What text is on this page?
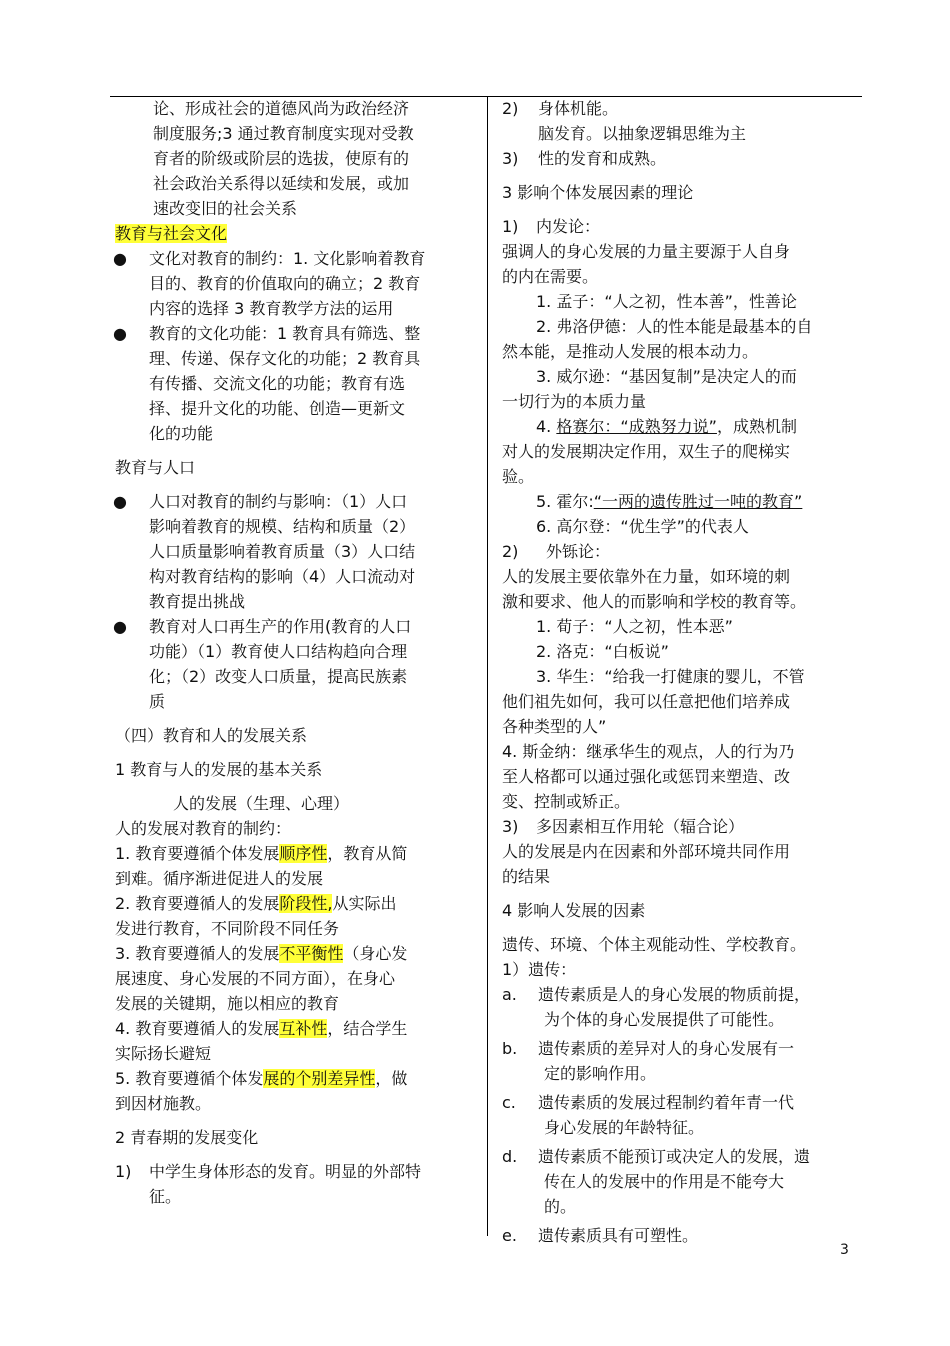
论、形成社会的道德风尚为政治经济
制度服务;3 通过教育制度实现对受教
育者的阶级或阶层的选拔，使原有的
社会政治关系得以延续和发展，或加
速改变旧的社会关系
教育与社会文化
● 文化对教育的制约：1. 文化影响着教育
目的、教育的价值取向的确立；2 教育
内容的选择 3 教育教学方法的运用
● 教育的文化功能：1 教育具有筛选、整
理、传递、保存文化的功能；2 教育具
有传播、交流文化的功能；教育有选
择、提升文化的功能、创造—更新文
化的功能
教育与人口
● 人口对教育的制约与影响：（1）人口
影响着教育的规模、结构和质量（2）
人口质量影响着教育质量（3）人口结
构对教育结构的影响（4）人口流动对
教育提出挑战
● 教育对人口再生产的作用(教育的人口
功能）（1）教育使人口结构趋向合理
化；（2）改变人口质量，提高民族素
质
（四）教育和人的发展关系
1 教育与人的发展的基本关系
人的发展（生理、心理）
人的发展对教育的制约：
1. 教育要遵循个体发展顺序性，教育从简
到难。循序渐进促进人的发展
2. 教育要遵循人的发展阶段性,从实际出
发进行教育，不同阶段不同任务
3. 教育要遵循人的发展不平衡性（身心发
展速度、身心发展的不同方面），在身心
发展的关键期，施以相应的教育
4. 教育要遵循人的发展互补性，结合学生
实际扬长避短
5. 教育要遵循个体发展的个别差异性，做
到因材施教。
2 青春期的发展变化
1) 中学生身体形态的发育。明显的外部特
征。
2) 身体机能。
脑发育。以抽象逻辑思维为主
3) 性的发育和成熟。
3 影响个体发展因素的理论
1) 内发论：
强调人的身心发展的力量主要源于人自身
的内在需要。
1. 孟子：“人之初，性本善”，性善论
2. 弗洛伊德：人的性本能是最基本的自
然本能，是推动人发展的根本动力。
3. 威尔逊：“基因复制”是决定人的而
一切行为的本质力量
4. 格赛尔：“成熟努力说”，成熟机制
对人的发展期决定作用，双生子的爬梯实
验。
5. 霍尔:“一两的遗传胜过一吨的教育”
6. 高尔登：“优生学”的代表人
2) 外铄论：
人的发展主要依靠外在力量，如环境的刺
激和要求、他人的而影响和学校的教育等。
1. 荀子：“人之初，性本恶”
2. 洛克：“白板说”
3. 华生：“给我一打健康的婴儿，不管
他们祖先如何，我可以任意把他们培养成
各种类型的人”
4. 斯金纳：继承华生的观点，人的行为乃
至人格都可以通过强化或惩罚来塑造、改
变、控制或矫正。
3) 多因素相互作用轮（辐合论）
人的发展是内在因素和外部环境共同作用
的结果
4 影响人发展的因素
遗传、环境、个体主观能动性、学校教育。
1）遗传：
a. 遗传素质是人的身心发展的物质前提，
为个体的身心发展提供了可能性。
b. 遗传素质的差异对人的身心发展有一
定的影响作用。
c. 遗传素质的发展过程制约着年青一代
身心发展的年龄特征。
d. 遗传素质不能预订或决定人的发展，遗
传在人的发展中的作用是不能夸大
的。
e. 遗传素质具有可塑性。
3
